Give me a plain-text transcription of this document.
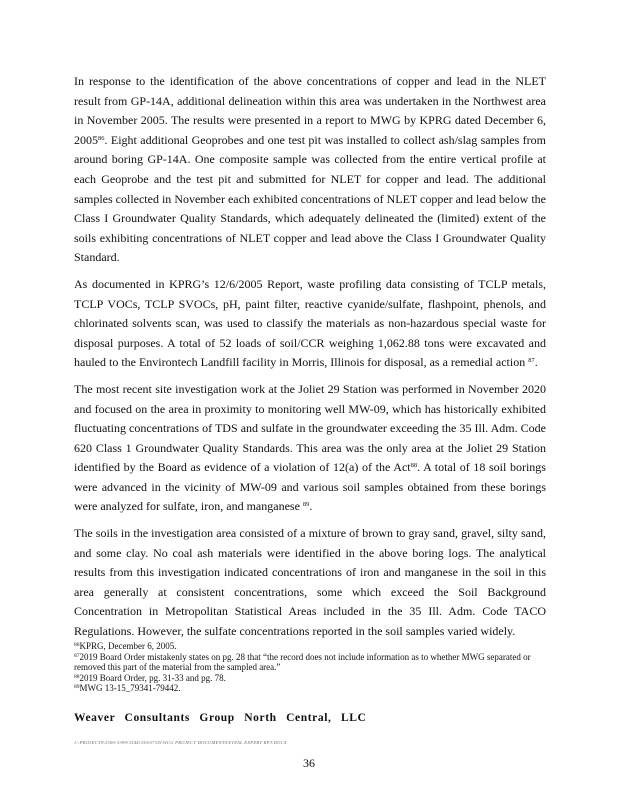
In response to the identification of the above concentrations of copper and lead in the NLET result from GP-14A, additional delineation within this area was undertaken in the Northwest area in November 2005. The results were presented in a report to MWG by KPRG dated December 6, 2005$^{86}$. Eight additional Geoprobes and one test pit was installed to collect ash/slag samples from around boring GP-14A. One composite sample was collected from the entire vertical profile at each Geoprobe and the test pit and submitted for NLET for copper and lead. The additional samples collected in November each exhibited concentrations of NLET copper and lead below the Class I Groundwater Quality Standards, which adequately delineated the (limited) extent of the soils exhibiting concentrations of NLET copper and lead above the Class I Groundwater Quality Standard.

As documented in KPRG’s 12/6/2005 Report, waste profiling data consisting of TCLP metals, TCLP VOCs, TCLP SVOCs, pH, paint filter, reactive cyanide/sulfate, flashpoint, phenols, and chlorinated solvents scan, was used to classify the materials as non-hazardous special waste for disposal purposes. A total of 52 loads of soil/CCR weighing 1,062.88 tons were excavated and hauled to the Environtech Landfill facility in Morris, Illinois for disposal, as a remedial action $^{87}$.

The most recent site investigation work at the Joliet 29 Station was performed in November 2020 and focused on the area in proximity to monitoring well MW-09, which has historically exhibited fluctuating concentrations of TDS and sulfate in the groundwater exceeding the 35 Ill. Adm. Code 620 Class 1 Groundwater Quality Standards. This area was the only area at the Joliet 29 Station identified by the Board as evidence of a violation of 12(a) of the Act$^{88}$. A total of 18 soil borings were advanced in the vicinity of MW-09 and various soil samples obtained from these borings were analyzed for sulfate, iron, and manganese $^{89}$.

The soils in the investigation area consisted of a mixture of brown to gray sand, gravel, silty sand, and some clay. No coal ash materials were identified in the above boring logs. The analytical results from this investigation indicated concentrations of iron and manganese in the soil in this area generally at consistent concentrations, some which exceed the Soil Background Concentration in Metropolitan Statistical Areas included in the 35 Ill. Adm. Code TACO Regulations. However, the sulfate concentrations reported in the soil samples varied widely.

$^{86}$KPRG, December 6, 2005.

$^{87}$2019 Board Order mistakenly states on pg. 28 that “the record does not include information as to whether MWG separated or removed this part of the material from the sampled area.”

$^{88}$2019 Board Order, pg. 31-33 and pg. 78.

$^{89}$MWG 13-15_79341-79442.

Weaver Consultants Group North Central, LLC
J:\PROJECTS\3300-3399\3344\330\07\05\WCG PROJECT DOCUMENTS\FINAL EXPERT RPT.DOCX
36
